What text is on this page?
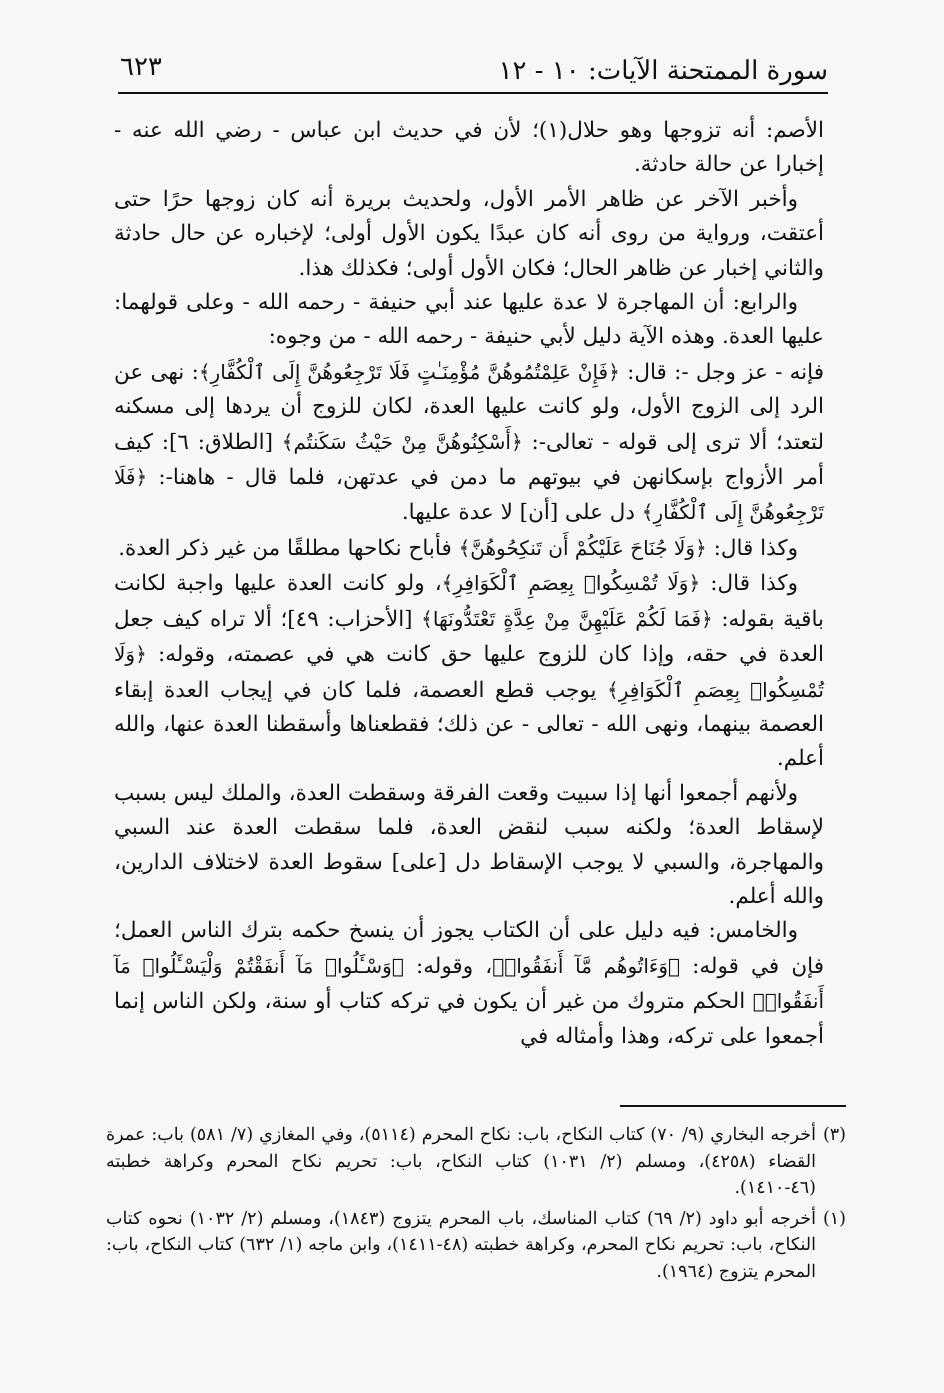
سورة الممتحنة الآيات: ١٠ - ١٢
٦٢٣

الأصم: أنه تزوجها وهو حلال(١)؛ لأن في حديث ابن عباس - رضي الله عنه - إخبارا عن حالة حادثة.

وأخبر الآخر عن ظاهر الأمر الأول، ولحديث بريرة أنه كان زوجها حرًا حتى أعتقت، ورواية من روى أنه كان عبدًا يكون الأول أولى؛ لإخباره عن حال حادثة والثاني إخبار عن ظاهر الحال؛ فكان الأول أولى؛ فكذلك هذا.

والرابع: أن المهاجرة لا عدة عليها عند أبي حنيفة - رحمه الله - وعلى قولهما: عليها العدة. وهذه الآية دليل لأبي حنيفة - رحمه الله - من وجوه:

فإنه - عز وجل -: قال: ﴿فَإِنْ عَلِمْتُمُوهُنَّ مُؤْمِنَـٰتٍ فَلَا تَرْجِعُوهُنَّ إِلَى ٱلْكُفَّارِ﴾: نهى عن الرد إلى الزوج الأول، ولو كانت عليها العدة، لكان للزوج أن يردها إلى مسكنه لتعتد؛ ألا ترى إلى قوله - تعالى-: ﴿أَسْكِنُوهُنَّ مِنْ حَيْثُ سَكَنتُم﴾ [الطلاق: ٦]: كيف أمر الأزواج بإسكانهن في بيوتهم ما دمن في عدتهن، فلما قال - هاهنا-: ﴿فَلَا تَرْجِعُوهُنَّ إِلَى ٱلْكُفَّارِ﴾ دل على [أن] لا عدة عليها.

وكذا قال: ﴿وَلَا جُنَاحَ عَلَيْكُمْ أَن تَنكِحُوهُنَّ﴾ فأباح نكاحها مطلقًا من غير ذكر العدة.

وكذا قال: ﴿وَلَا تُمْسِكُوا۟ بِعِصَمِ ٱلْكَوَافِرِ﴾، ولو كانت العدة عليها واجبة لكانت باقية بقوله: ﴿فَمَا لَكُمْ عَلَيْهِنَّ مِنْ عِدَّةٍ تَعْتَدُّونَهَا﴾ [الأحزاب: ٤٩]؛ ألا تراه كيف جعل العدة في حقه، وإذا كان للزوج عليها حق كانت هي في عصمته، وقوله: ﴿وَلَا تُمْسِكُوا۟ بِعِصَمِ ٱلْكَوَافِرِ﴾ يوجب قطع العصمة، فلما كان في إيجاب العدة إبقاء العصمة بينهما، ونهى الله - تعالى - عن ذلك؛ فقطعناها وأسقطنا العدة عنها، والله أعلم.

ولأنهم أجمعوا أنها إذا سبيت وقعت الفرقة وسقطت العدة، والملك ليس بسبب لإسقاط العدة؛ ولكنه سبب لنقض العدة، فلما سقطت العدة عند السبي والمهاجرة، والسبي لا يوجب الإسقاط دل [على] سقوط العدة لاختلاف الدارين، والله أعلم.

والخامس: فيه دليل على أن الكتاب يجوز أن ينسخ حكمه بترك الناس العمل؛ فإن في قوله: ﴿وَءَاتُوهُم مَّآ أَنفَقُوا۟﴾، وقوله: ﴿وَسْـَٔلُوا۟ مَآ أَنفَقْتُمْ وَلْيَسْـَٔلُوا۟ مَآ أَنفَقُوا۟﴾ الحكم متروك من غير أن يكون في تركه كتاب أو سنة، ولكن الناس إنما أجمعوا على تركه، وهذا وأمثاله في

(٣)
أخرجه البخاري (٩/ ٧٠) كتاب النكاح، باب: نكاح المحرم (٥١١٤)، وفي المغازي (٧/ ٥٨١) باب: عمرة القضاء (٤٢٥٨)، ومسلم (٢/ ١٠٣١) كتاب النكاح، باب: تحريم نكاح المحرم وكراهة خطبته (٤٦-١٤١٠).

(١)
أخرجه أبو داود (٢/ ٦٩) كتاب المناسك، باب المحرم يتزوج (١٨٤٣)، ومسلم (٢/ ١٠٣٢) نحوه كتاب النكاح، باب: تحريم نكاح المحرم، وكراهة خطبته (٤٨-١٤١١)، وابن ماجه (١/ ٦٣٢) كتاب النكاح، باب: المحرم يتزوج (١٩٦٤).
